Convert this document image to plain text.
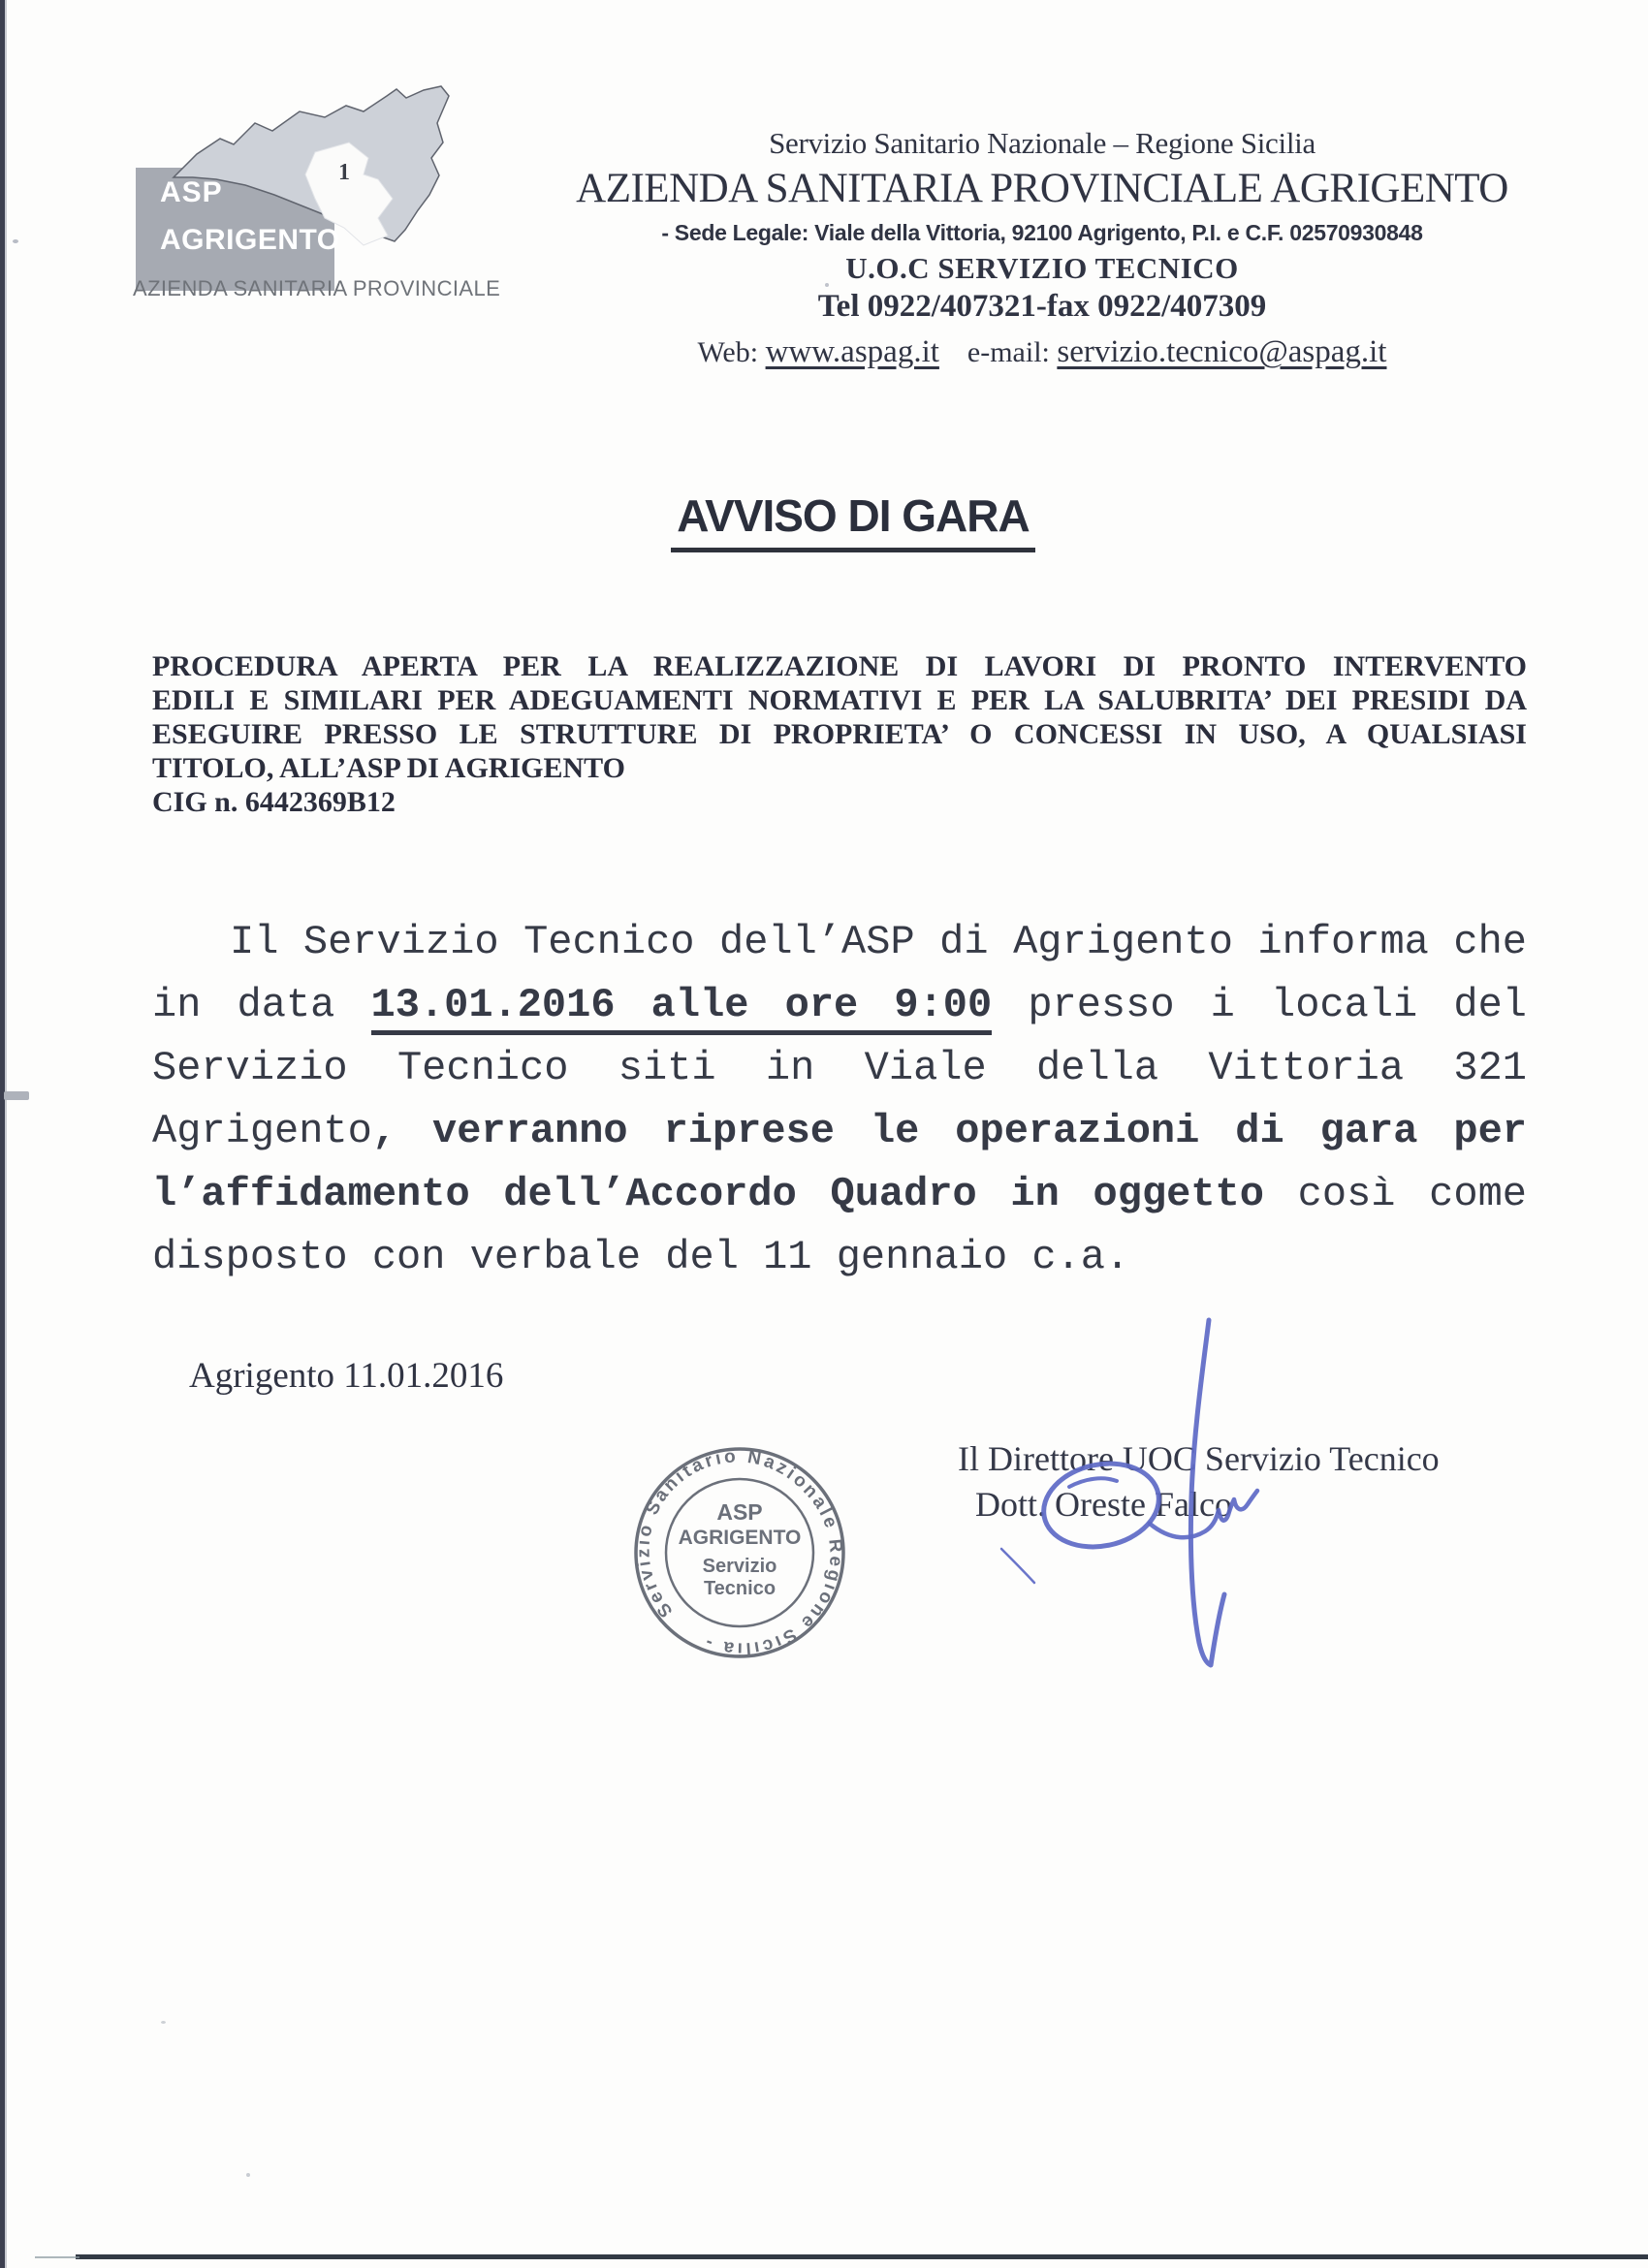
ASP
AGRIGENTO
1
AZIENDA SANITARIA PROVINCIALE
Servizio Sanitario Nazionale – Regione Sicilia
AZIENDA SANITARIA PROVINCIALE AGRIGENTO
- Sede Legale: Viale della Vittoria, 92100 Agrigento, P.I. e C.F. 02570930848
U.O.C SERVIZIO TECNICO
Tel 0922/407321-fax 0922/407309
Web: www.aspag.it e-mail: servizio.tecnico@aspag.it
AVVISO DI GARA
PROCEDURA APERTA PER LA REALIZZAZIONE DI LAVORI DI PRONTO INTERVENTO
EDILI E SIMILARI PER ADEGUAMENTI NORMATIVI E PER LA SALUBRITA’ DEI PRESIDI DA
ESEGUIRE PRESSO LE STRUTTURE DI PROPRIETA’ O CONCESSI IN USO, A QUALSIASI
TITOLO, ALL’ASP DI AGRIGENTO
CIG n. 6442369B12
Il Servizio Tecnico dell’ASP di Agrigento informa che
in data 13.01.2016 alle ore 9:00 presso i locali del
Servizio Tecnico siti in Viale della Vittoria 321
Agrigento, verranno riprese le operazioni di gara per
l’affidamento dell’Accordo Quadro in oggetto così come
disposto con verbale del 11 gennaio c.a.
Agrigento 11.01.2016
Il Direttore UOC Servizio Tecnico
Dott. Oreste Falco
Servizio Sanitario Nazionale Regione Sicilia -
ASP
AGRIGENTO
Servizio
Tecnico
